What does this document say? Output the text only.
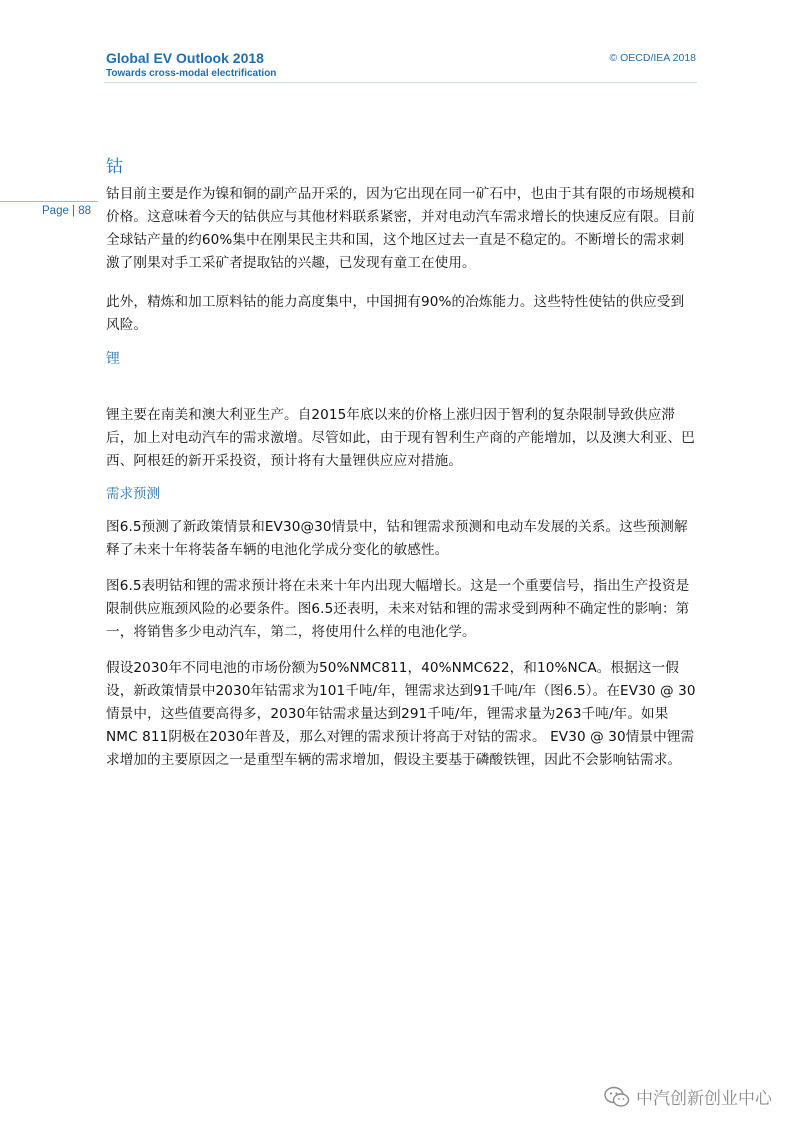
Global EV Outlook 2018
Towards cross-modal electrification
© OECD/IEA 2018
Page | 88
钴

钴目前主要是作为镍和铜的副产品开采的，因为它出现在同一矿石中，也由于其有限的市场规模和价格。这意味着今天的钴供应与其他材料联系紧密，并对电动汽车需求增长的快速反应有限。目前全球钴产量的约60%集中在刚果民主共和国，这个地区过去一直是不稳定的。不断增长的需求刺激了刚果对手工采矿者提取钴的兴趣，已发现有童工在使用。

此外，精炼和加工原料钴的能力高度集中，中国拥有90%的冶炼能力。这些特性使钴的供应受到风险。

锂

锂主要在南美和澳大利亚生产。自2015年底以来的价格上涨归因于智利的复杂限制导致供应滞后，加上对电动汽车的需求激增。尽管如此，由于现有智利生产商的产能增加，以及澳大利亚、巴西、阿根廷的新开采投资，预计将有大量锂供应应对措施。

需求预测

图6.5预测了新政策情景和EV30@30情景中，钴和锂需求预测和电动车发展的关系。这些预测解释了未来十年将装备车辆的电池化学成分变化的敏感性。

图6.5表明钴和锂的需求预计将在未来十年内出现大幅增长。这是一个重要信号，指出生产投资是限制供应瓶颈风险的必要条件。图6.5还表明，未来对钴和锂的需求受到两种不确定性的影响：第一，将销售多少电动汽车，第二，将使用什么样的电池化学。

假设2030年不同电池的市场份额为50%NMC811，40%NMC622，和10%NCA。根据这一假设，新政策情景中2030年钴需求为101千吨/年，锂需求达到91千吨/年（图6.5）。在EV30 @ 30情景中，这些值要高得多，2030年钴需求量达到291千吨/年，锂需求量为263千吨/年。如果NMC 811阴极在2030年普及，那么对锂的需求预计将高于对钴的需求。 EV30 @ 30情景中锂需求增加的主要原因之一是重型车辆的需求增加，假设主要基于磷酸铁锂，因此不会影响钴需求。

中汽创新创业中心
